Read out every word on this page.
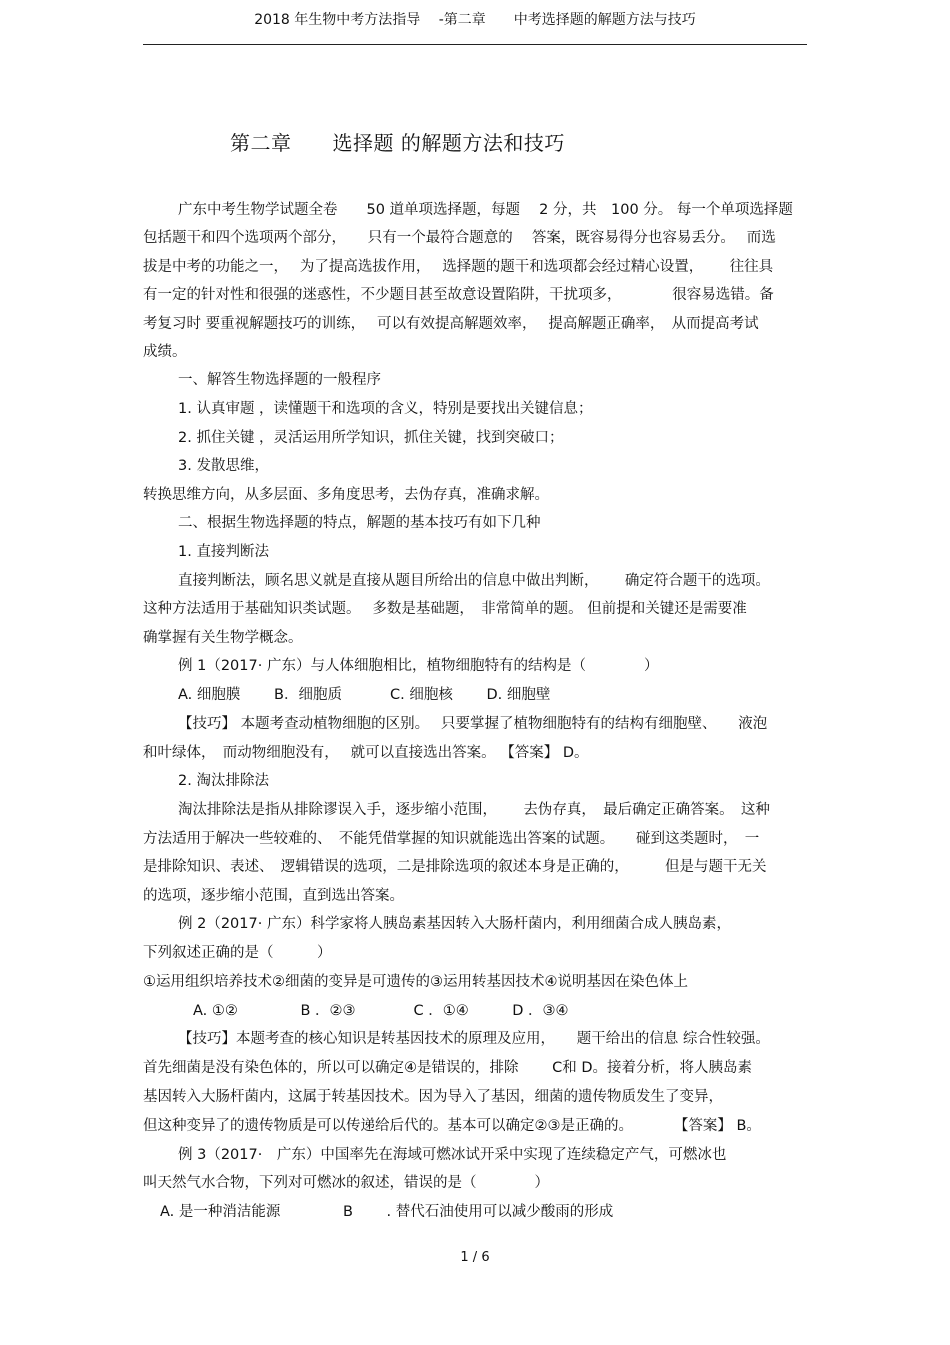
2018 年生物中考方法指导　 -第二章　　中考选择题的解题方法与技巧
第二章　　选择题 的解题方法和技巧
广东中考生物学试题全卷　　50 道单项选择题，每题　 2 分，共　100 分。 每一个单项选择题
包括题干和四个选项两个部分，　　只有一个最符合题意的　 答案，既容易得分也容易丢分。　 而选
拔是中考的功能之一，　 为了提高选拔作用，　 选择题的题干和选项都会经过精心设置，　　 往往具
有一定的针对性和很强的迷惑性，不少题目甚至故意设置陷阱，干扰项多，　　　　很容易选错。备
考复习时 要重视解题技巧的训练，　 可以有效提高解题效率，　 提高解题正确率，　从而提高考试
成绩。
一、解答生物选择题的一般程序
1. 认真审题 ，读懂题干和选项的含义，特别是要找出关键信息；
2. 抓住关键 ，灵活运用所学知识，抓住关键，找到突破口；
3. 发散思维，
转换思维方向，从多层面、多角度思考，去伪存真，准确求解。
二、根据生物选择题的特点，解题的基本技巧有如下几种
1. 直接判断法
直接判断法，顾名思义就是直接从题目所给出的信息中做出判断，　　 确定符合题干的选项。
这种方法适用于基础知识类试题。　 多数是基础题，　非常简单的题。 但前提和关键还是需要准
确掌握有关生物学概念。
例 1（2017· 广东）与人体细胞相比，植物细胞特有的结构是（　　　　）
A. 细胞膜　　 B．细胞质　　　 C. 细胞核　　 D. 细胞壁
【技巧】 本题考查动植物细胞的区别。　 只要掌握了植物细胞特有的结构有细胞壁、　　液泡
和叶绿体，　而动物细胞没有，　 就可以直接选出答案。 【答案】 D。
2. 淘汰排除法
淘汰排除法是指从排除谬误入手，逐步缩小范围，　　 去伪存真，　最后确定正确答案。　这种
方法适用于解决一些较难的、　不能凭借掌握的知识就能选出答案的试题。　　碰到这类题时，　一
是排除知识、表述、　逻辑错误的选项，二是排除选项的叙述本身是正确的，　　　但是与题干无关
的选项，逐步缩小范围，直到选出答案。
例 2（2017· 广东）科学家将人胰岛素基因转入大肠杆菌内，利用细菌合成人胰岛素，
下列叙述正确的是（　　　）
①运用组织培养技术②细菌的变异是可遗传的③运用转基因技术④说明基因在染色体上
A. ①②　　　　 B ．②③　　　　C ．①④　　　D ．③④
【技巧】本题考查的核心知识是转基因技术的原理及应用，　　题干给出的信息 综合性较强。
首先细菌是没有染色体的，所以可以确定④是错误的，排除　　 C和 D。接着分析，将人胰岛素
基因转入大肠杆菌内，这属于转基因技术。因为导入了基因，细菌的遗传物质发生了变异，
但这种变异了的遗传物质是可以传递给后代的。基本可以确定②③是正确的。　　　 【答案】 B。
例 3（2017·　广东）中国率先在海域可燃冰试开采中实现了连续稳定产气，可燃冰也
叫天然气水合物，下列对可燃冰的叙述，错误的是（　　　　）
A. 是一种消洁能源　　　　 B　　 . 替代石油使用可以减少酸雨的形成
1 / 6
